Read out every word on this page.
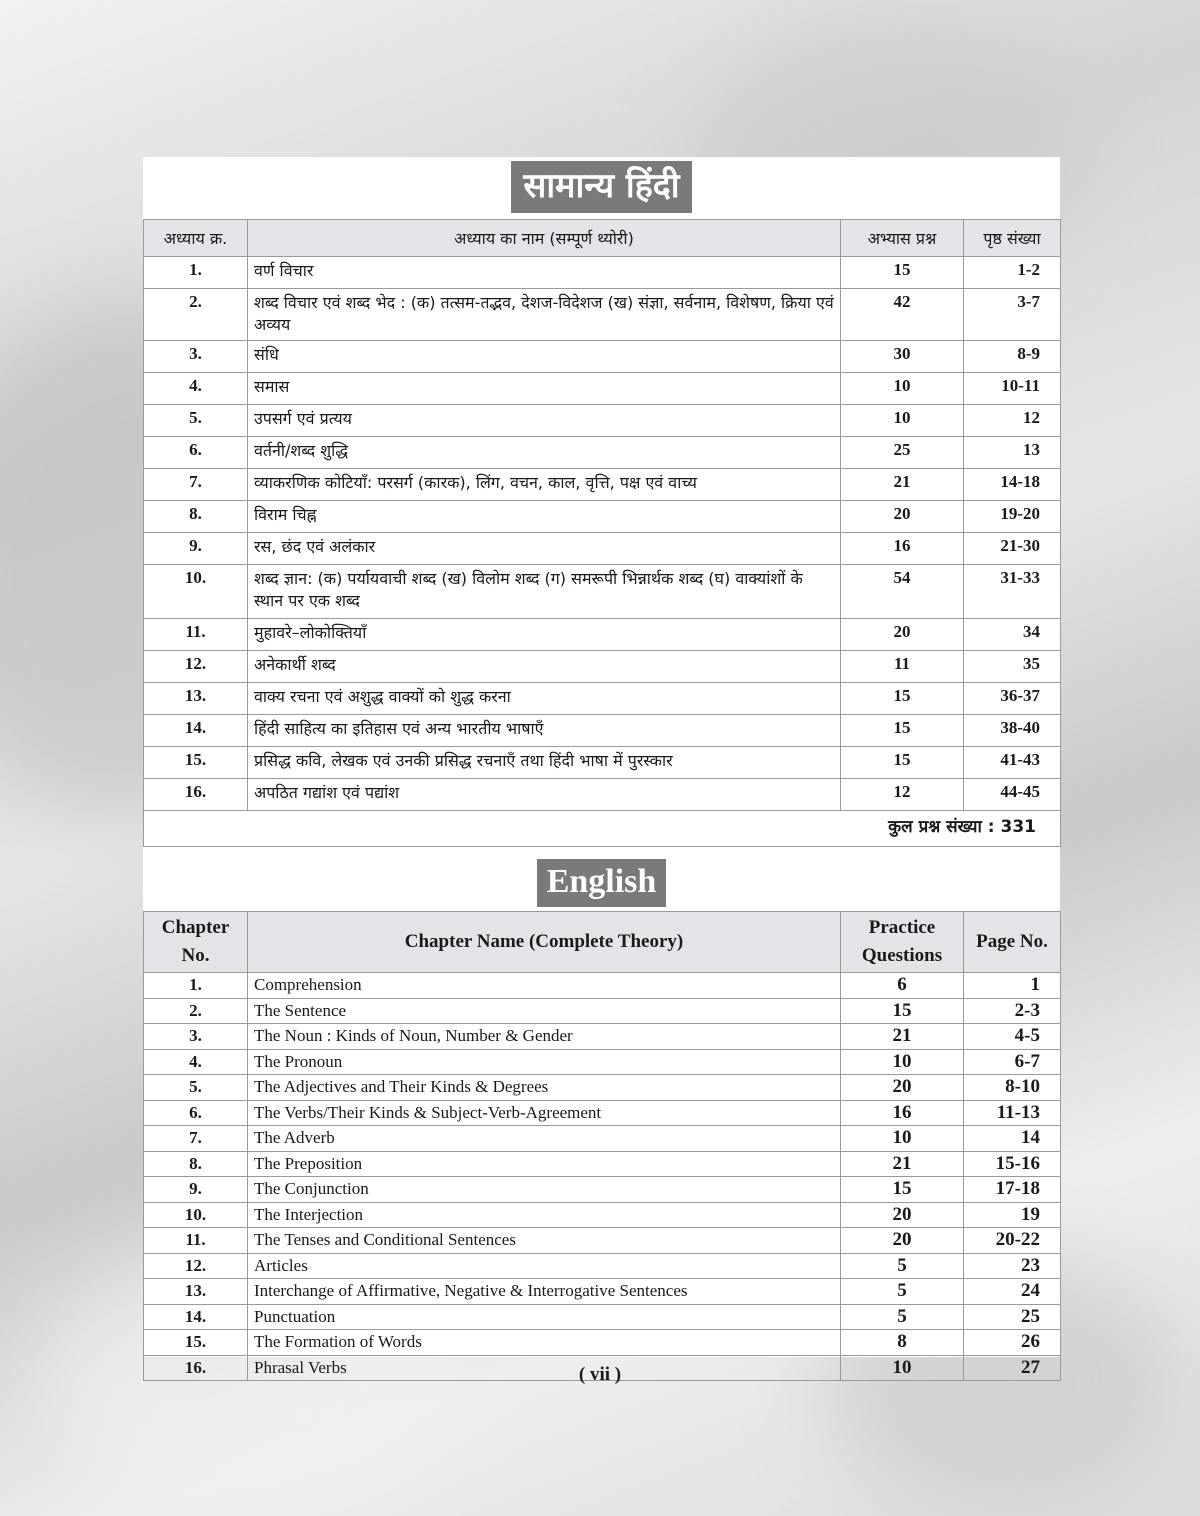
सामान्य हिंदी
अध्याय क्र.	अध्याय का नाम (सम्पूर्ण थ्योरी)	अभ्यास प्रश्न	पृष्ठ संख्या
1.	वर्ण विचार	15	1-2
2.	शब्द विचार एवं शब्द भेद : (क) तत्सम-तद्भव, देशज-विदेशज (ख) संज्ञा, सर्वनाम, विशेषण, क्रिया एवं अव्यय	42	3-7
3.	संधि	30	8-9
4.	समास	10	10-11
5.	उपसर्ग एवं प्रत्यय	10	12
6.	वर्तनी/शब्द शुद्धि	25	13
7.	व्याकरणिक कोटियाँ: परसर्ग (कारक), लिंग, वचन, काल, वृत्ति, पक्ष एवं वाच्य	21	14-18
8.	विराम चिह्न	20	19-20
9.	रस, छंद एवं अलंकार	16	21-30
10.	शब्द ज्ञान: (क) पर्यायवाची शब्द (ख) विलोम शब्द (ग) समरूपी भिन्नार्थक शब्द (घ) वाक्यांशों के स्थान पर एक शब्द	54	31-33
11.	मुहावरे–लोकोक्तियाँ	20	34
12.	अनेकार्थी शब्द	11	35
13.	वाक्य रचना एवं अशुद्ध वाक्यों को शुद्ध करना	15	36-37
14.	हिंदी साहित्य का इतिहास एवं अन्य भारतीय भाषाएँ	15	38-40
15.	प्रसिद्ध कवि, लेखक एवं उनकी प्रसिद्ध रचनाएँ तथा हिंदी भाषा में पुरस्कार	15	41-43
16.	अपठित गद्यांश एवं पद्यांश	12	44-45
कुल प्रश्न संख्या : 331			
English
Chapter No.	Chapter Name (Complete Theory)	Practice Questions	Page No.
1.	Comprehension	6	1
2.	The Sentence	15	2-3
3.	The Noun : Kinds of Noun, Number & Gender	21	4-5
4.	The Pronoun	10	6-7
5.	The Adjectives and Their Kinds & Degrees	20	8-10
6.	The Verbs/Their Kinds & Subject-Verb-Agreement	16	11-13
7.	The Adverb	10	14
8.	The Preposition	21	15-16
9.	The Conjunction	15	17-18
10.	The Interjection	20	19
11.	The Tenses and Conditional Sentences	20	20-22
12.	Articles	5	23
13.	Interchange of Affirmative, Negative & Interrogative Sentences	5	24
14.	Punctuation	5	25
15.	The Formation of Words	8	26
16.	Phrasal Verbs	10	27
( vii )
